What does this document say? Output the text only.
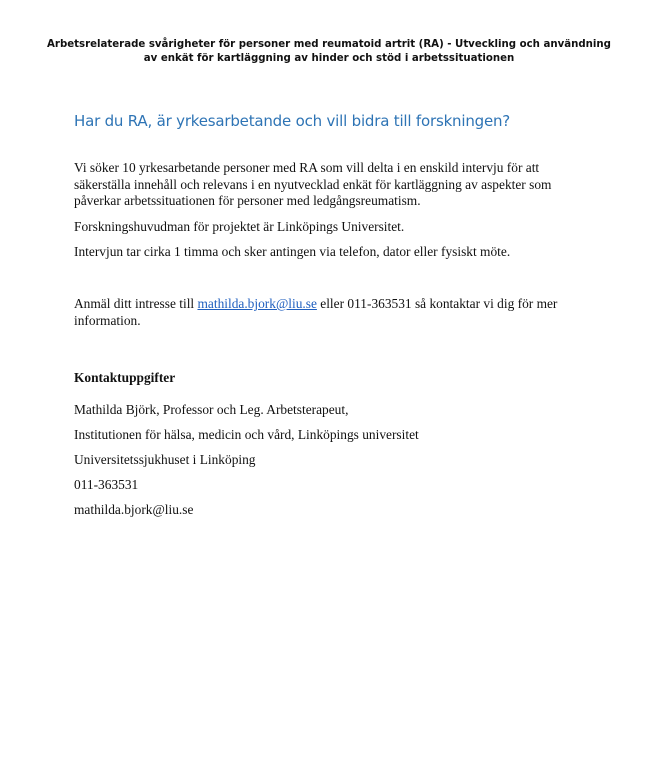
Arbetsrelaterade svårigheter för personer med reumatoid artrit (RA) - Utveckling och användning
av enkät för kartläggning av hinder och stöd i arbetssituationen
Har du RA, är yrkesarbetande och vill bidra till forskningen?

Vi söker 10 yrkesarbetande personer med RA som vill delta i en enskild intervju för att säkerställa innehåll och relevans i en nyutvecklad enkät för kartläggning av aspekter som påverkar arbetssituationen för personer med ledgångsreumatism.

Forskningshuvudman för projektet är Linköpings Universitet.

Intervjun tar cirka 1 timma och sker antingen via telefon, dator eller fysiskt möte.

Anmäl ditt intresse till mathilda.bjork@liu.se eller 011-363531 så kontaktar vi dig för mer information.

Kontaktuppgifter
Mathilda Björk, Professor och Leg. Arbetsterapeut,
Institutionen för hälsa, medicin och vård, Linköpings universitet
Universitetssjukhuset i Linköping
011-363531
mathilda.bjork@liu.se
